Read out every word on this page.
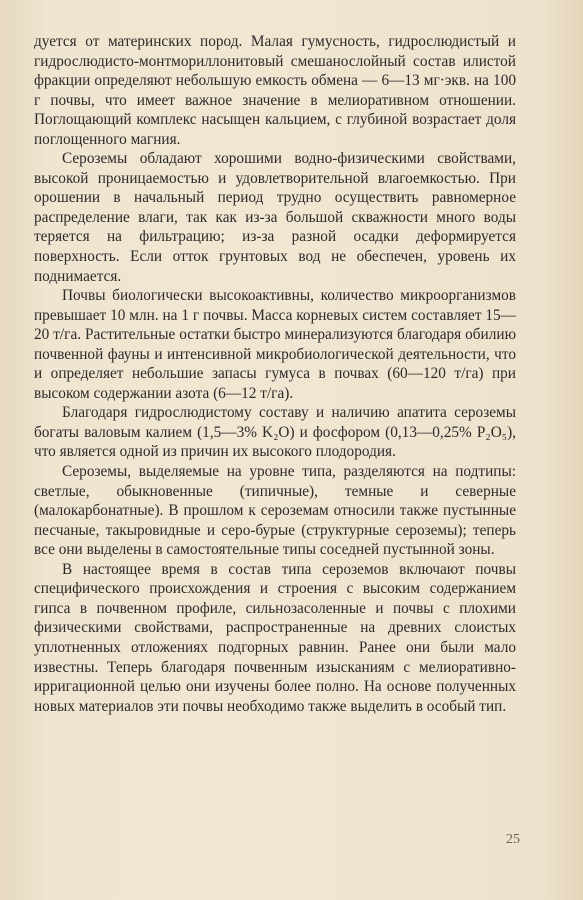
дуется от материнских пород. Малая гумусность, гидрослюдистый и гидрослюдисто-монтмориллонитовый смешанослойный состав илистой фракции определяют небольшую емкость обмена — 6—13 мг·экв. на 100 г почвы, что имеет важное значение в мелиоративном отношении. Поглощающий комплекс насыщен кальцием, с глубиной возрастает доля поглощенного магния.

Сероземы обладают хорошими водно-физическими свойствами, высокой проницаемостью и удовлетворительной влагоемкостью. При орошении в начальный период трудно осуществить равномерное распределение влаги, так как из-за большой скважности много воды теряется на фильтрацию; из-за разной осадки деформируется поверхность. Если отток грунтовых вод не обеспечен, уровень их поднимается.

Почвы биологически высокоактивны, количество микроорганизмов превышает 10 млн. на 1 г почвы. Масса корневых систем составляет 15—20 т/га. Растительные остатки быстро минерализуются благодаря обилию почвенной фауны и интенсивной микробиологической деятельности, что и определяет небольшие запасы гумуса в почвах (60—120 т/га) при высоком содержании азота (6—12 т/га).

Благодаря гидрослюдистому составу и наличию апатита сероземы богаты валовым калием (1,5—3% K₂O) и фосфором (0,13—0,25% P₂O₅), что является одной из причин их высокого плодородия.

Сероземы, выделяемые на уровне типа, разделяются на подтипы: светлые, обыкновенные (типичные), темные и северные (малокарбонатные). В прошлом к сероземам относили также пустынные песчаные, такыровидные и серо-бурые (структурные сероземы); теперь все они выделены в самостоятельные типы соседней пустынной зоны.

В настоящее время в состав типа сероземов включают почвы специфического происхождения и строения с высоким содержанием гипса в почвенном профиле, сильнозасоленные и почвы с плохими физическими свойствами, распространенные на древних слоистых уплотненных отложениях подгорных равнин. Ранее они были мало известны. Теперь благодаря почвенным изысканиям с мелиоративно-ирригационной целью они изучены более полно. На основе полученных новых материалов эти почвы необходимо также выделить в особый тип.

25
